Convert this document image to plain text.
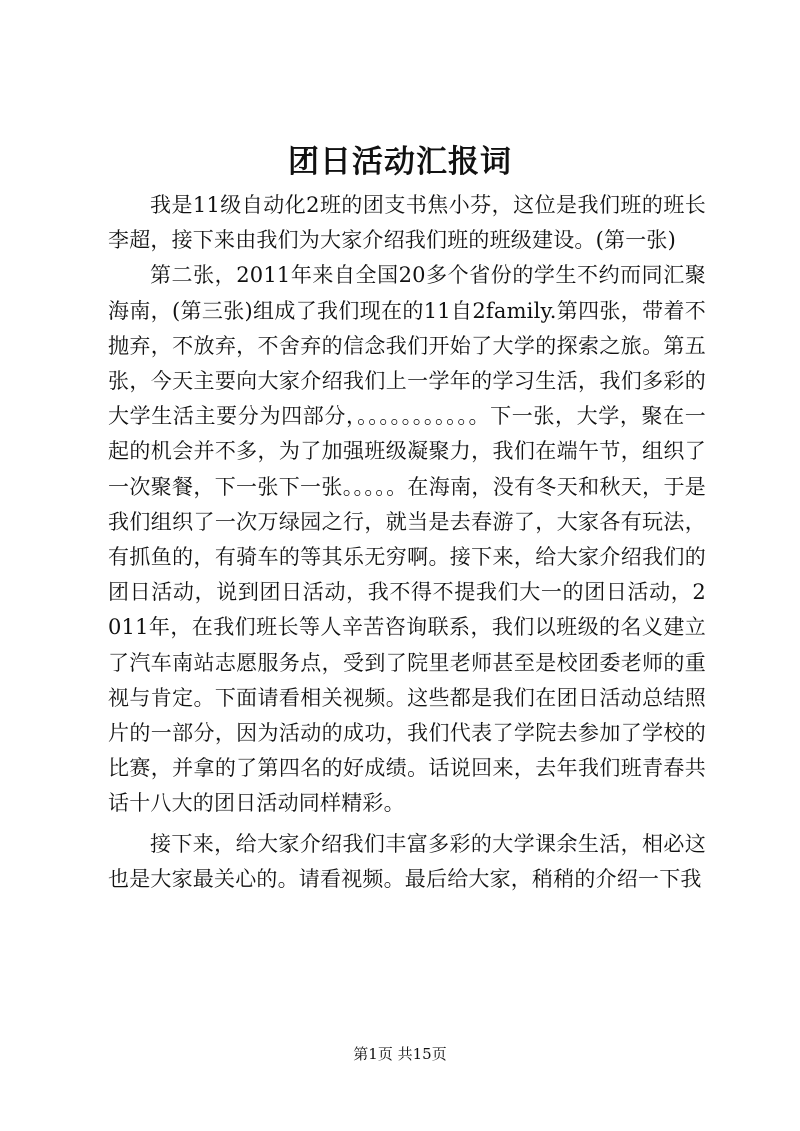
团日活动汇报词

我是11级自动化2班的团支书焦小芬，这位是我们班的班长李超，接下来由我们为大家介绍我们班的班级建设。(第一张)

第二张，2011年来自全国20多个省份的学生不约而同汇聚海南，(第三张)组成了我们现在的11自2family.第四张，带着不抛弃，不放弃，不舍弃的信念我们开始了大学的探索之旅。第五张，今天主要向大家介绍我们上一学年的学习生活，我们多彩的大学生活主要分为四部分，。。。。。。。。。。。下一张，大学，聚在一起的机会并不多，为了加强班级凝聚力，我们在端午节，组织了一次聚餐，下一张下一张。。。。。在海南，没有冬天和秋天，于是我们组织了一次万绿园之行，就当是去春游了，大家各有玩法，有抓鱼的，有骑车的等其乐无穷啊。接下来，给大家介绍我们的团日活动，说到团日活动，我不得不提我们大一的团日活动，2011年，在我们班长等人辛苦咨询联系，我们以班级的名义建立了汽车南站志愿服务点，受到了院里老师甚至是校团委老师的重视与肯定。下面请看相关视频。这些都是我们在团日活动总结照片的一部分，因为活动的成功，我们代表了学院去参加了学校的比赛，并拿的了第四名的好成绩。话说回来，去年我们班青春共话十八大的团日活动同样精彩。

接下来，给大家介绍我们丰富多彩的大学课余生活，相必这也是大家最关心的。请看视频。最后给大家，稍稍的介绍一下我

第1页 共15页
